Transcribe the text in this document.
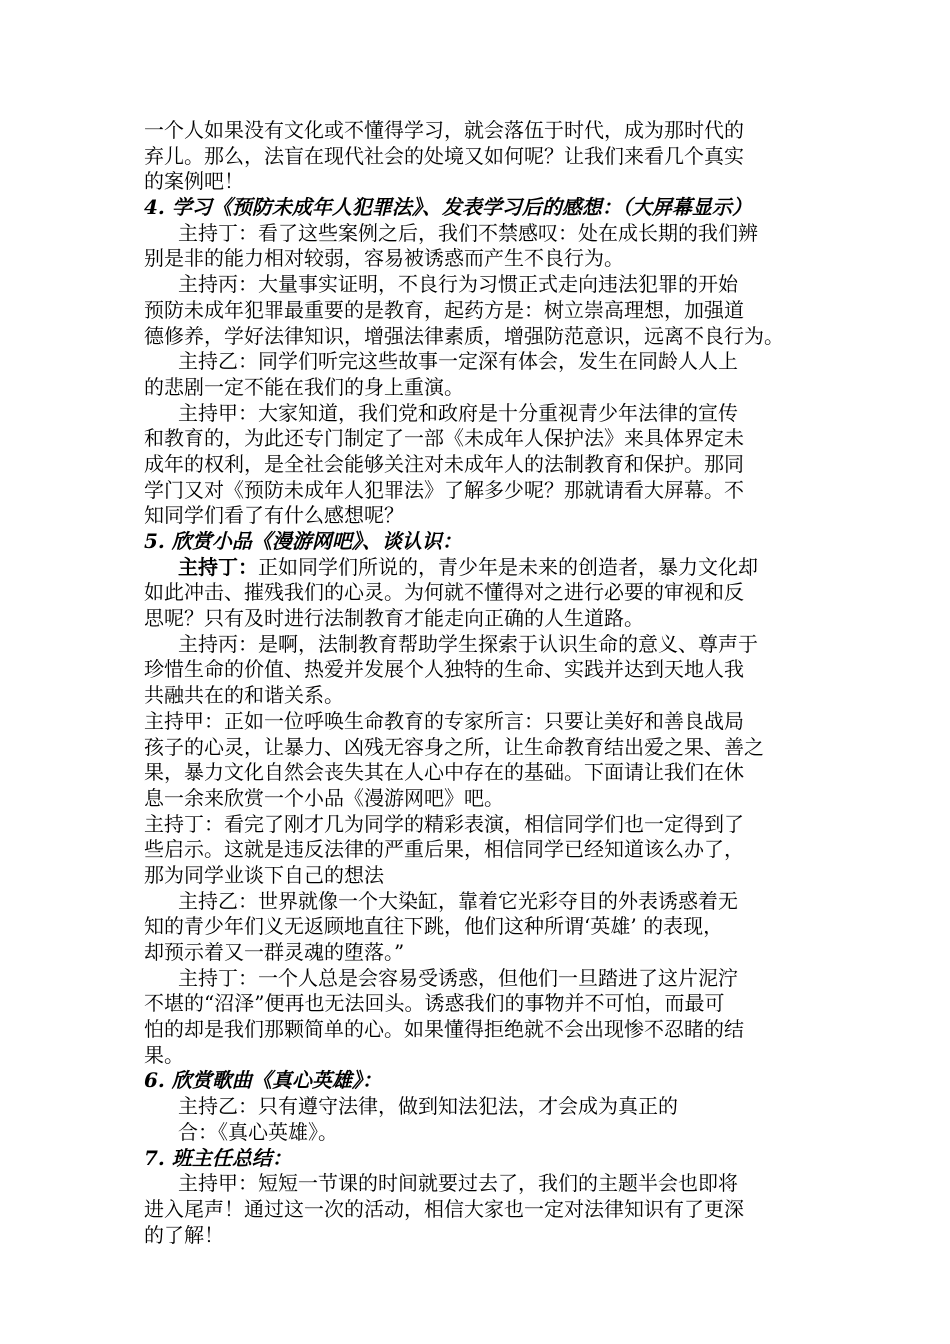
一个人如果没有文化或不懂得学习，就会落伍于时代，成为那时代的
弃儿。那么，法盲在现代社会的处境又如何呢？让我们来看几个真实
的案例吧！
4. 学习《预防未成年人犯罪法》、发表学习后的感想：（大屏幕显示）
主持丁：看了这些案例之后，我们不禁感叹：处在成长期的我们辨
别是非的能力相对较弱，容易被诱惑而产生不良行为。
主持丙：大量事实证明，不良行为习惯正式走向违法犯罪的开始
预防未成年犯罪最重要的是教育，起药方是：树立崇高理想，加强道
德修养，学好法律知识，增强法律素质，增强防范意识，远离不良行为。
主持乙：同学们听完这些故事一定深有体会，发生在同龄人人上
的悲剧一定不能在我们的身上重演。
主持甲：大家知道，我们党和政府是十分重视青少年法律的宣传
和教育的，为此还专门制定了一部《未成年人保护法》来具体界定未
成年的权利，是全社会能够关注对未成年人的法制教育和保护。那同
学门又对《预防未成年人犯罪法》了解多少呢？那就请看大屏幕。不
知同学们看了有什么感想呢？
5. 欣赏小品《漫游网吧》、谈认识：
主持丁：正如同学们所说的，青少年是未来的创造者，暴力文化却
如此冲击、摧残我们的心灵。为何就不懂得对之进行必要的审视和反
思呢？只有及时进行法制教育才能走向正确的人生道路。
主持丙：是啊，法制教育帮助学生探索于认识生命的意义、尊声于
珍惜生命的价值、热爱并发展个人独特的生命、实践并达到天地人我
共融共在的和谐关系。
主持甲：正如一位呼唤生命教育的专家所言：只要让美好和善良战局
孩子的心灵，让暴力、凶残无容身之所，让生命教育结出爱之果、善之
果，暴力文化自然会丧失其在人心中存在的基础。下面请让我们在休
息一余来欣赏一个小品《漫游网吧》吧。
主持丁：看完了刚才几为同学的精彩表演，相信同学们也一定得到了
些启示。这就是违反法律的严重后果，相信同学已经知道该么办了，
那为同学业谈下自己的想法
主持乙：世界就像一个大染缸，靠着它光彩夺目的外表诱惑着无
知的青少年们义无返顾地直往下跳，他们这种所谓‘英雄’ 的表现，
却预示着又一群灵魂的堕落。”
主持丁：一个人总是会容易受诱惑，但他们一旦踏进了这片泥泞
不堪的“沼泽”便再也无法回头。诱惑我们的事物并不可怕，而最可
怕的却是我们那颗简单的心。如果懂得拒绝就不会出现惨不忍睹的结
果。
6. 欣赏歌曲《真心英雄》：
主持乙：只有遵守法律，做到知法犯法，才会成为真正的
合：《真心英雄》。
7. 班主任总结：
主持甲：短短一节课的时间就要过去了，我们的主题半会也即将
进入尾声！通过这一次的活动，相信大家也一定对法律知识有了更深
的了解！
